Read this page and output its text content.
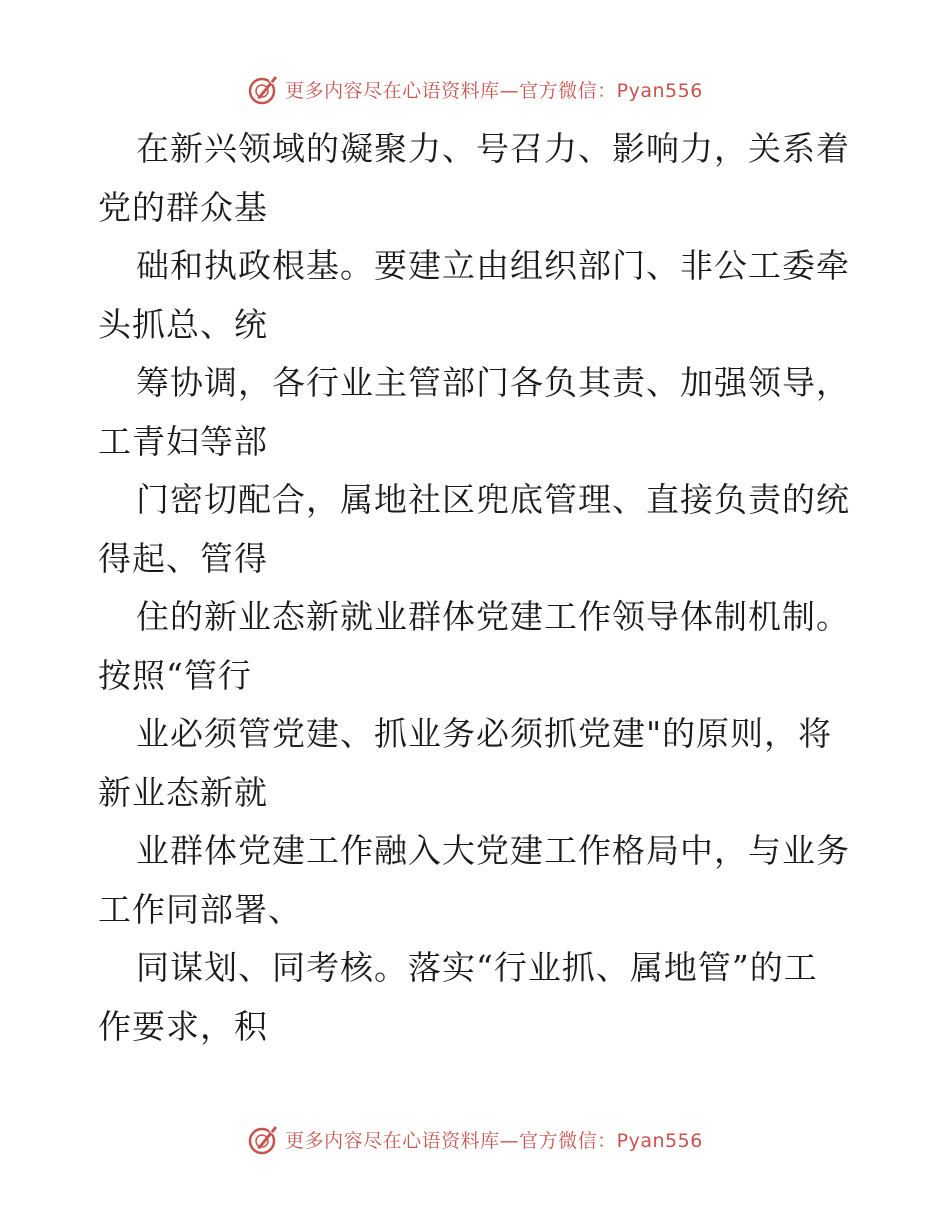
更多内容尽在心语资料库—官方微信：Pyan556
在新兴领域的凝聚力、号召力、影响力，关系着
党的群众基
础和执政根基。要建立由组织部门、非公工委牵
头抓总、统
筹协调，各行业主管部门各负其责、加强领导，
工青妇等部
门密切配合，属地社区兜底管理、直接负责的统
得起、管得
住的新业态新就业群体党建工作领导体制机制。
按照“管行
业必须管党建、抓业务必须抓党建"的原则，将
新业态新就
业群体党建工作融入大党建工作格局中，与业务
工作同部署、
同谋划、同考核。落实“行业抓、属地管”的工
作要求，积
更多内容尽在心语资料库—官方微信：Pyan556
